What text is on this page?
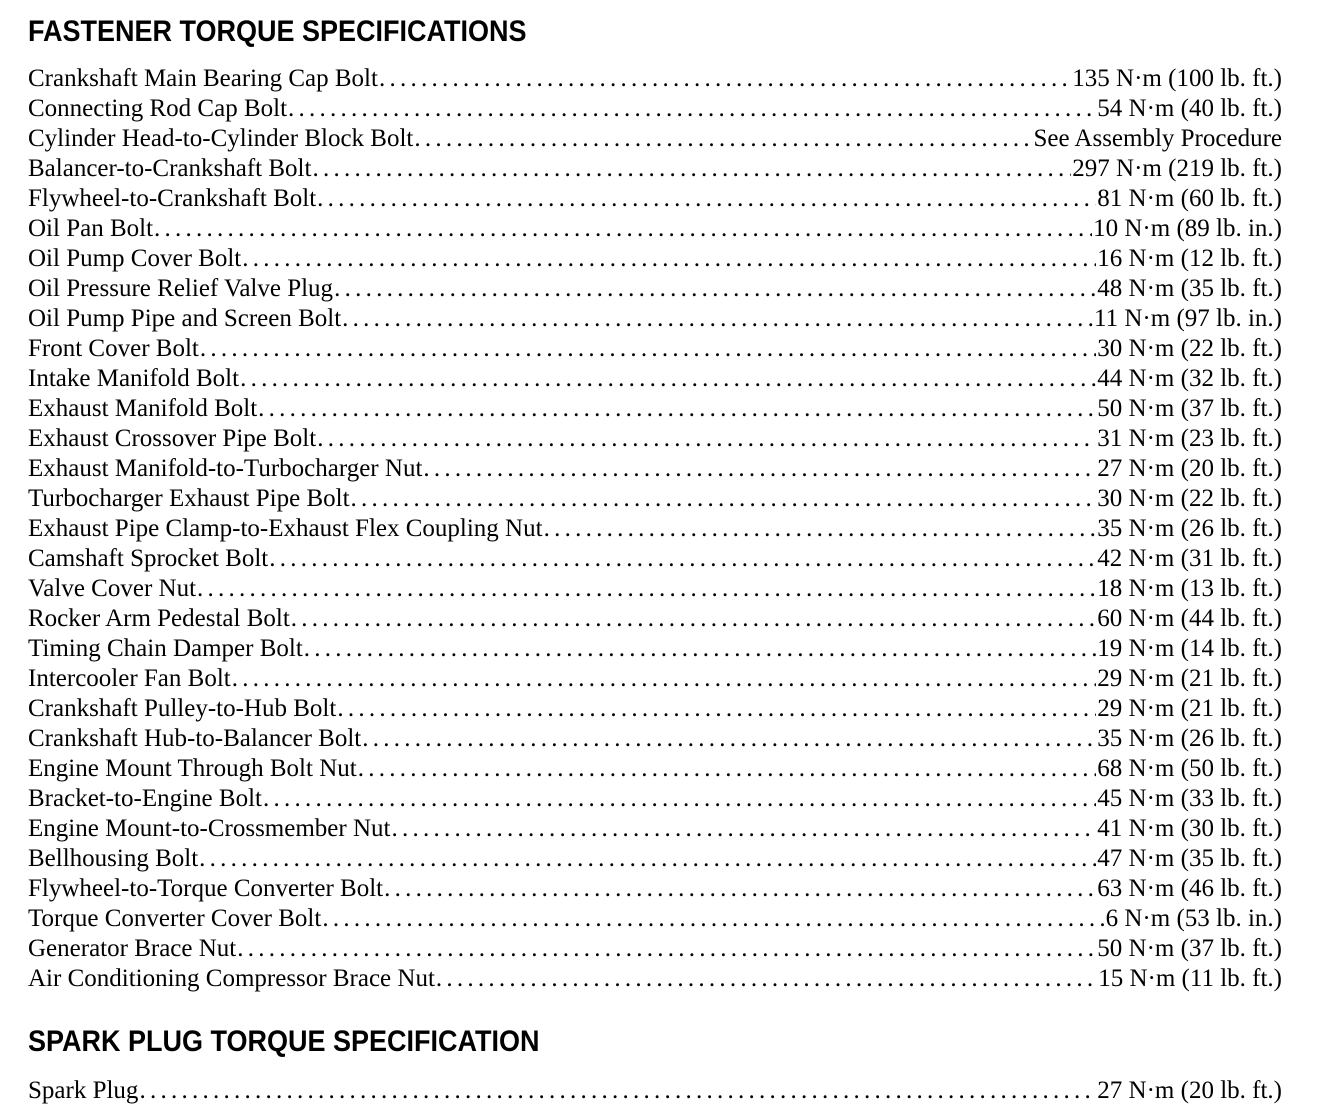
FASTENER TORQUE SPECIFICATIONS
Crankshaft Main Bearing Cap Bolt . . .	135 N·m (100 lb. ft.)
Connecting Rod Cap Bolt . . .	54 N·m (40 lb. ft.)
Cylinder Head-to-Cylinder Block Bolt . . .	See Assembly Procedure
Balancer-to-Crankshaft Bolt . . .	297 N·m (219 lb. ft.)
Flywheel-to-Crankshaft Bolt . . .	81 N·m (60 lb. ft.)
Oil Pan Bolt . . .	10 N·m (89 lb. in.)
Oil Pump Cover Bolt . . .	16 N·m (12 lb. ft.)
Oil Pressure Relief Valve Plug . . .	48 N·m (35 lb. ft.)
Oil Pump Pipe and Screen Bolt . . .	11 N·m (97 lb. in.)
Front Cover Bolt . . .	30 N·m (22 lb. ft.)
Intake Manifold Bolt . . .	44 N·m (32 lb. ft.)
Exhaust Manifold Bolt . . .	50 N·m (37 lb. ft.)
Exhaust Crossover Pipe Bolt . . .	31 N·m (23 lb. ft.)
Exhaust Manifold-to-Turbocharger Nut . . .	27 N·m (20 lb. ft.)
Turbocharger Exhaust Pipe Bolt . . .	30 N·m (22 lb. ft.)
Exhaust Pipe Clamp-to-Exhaust Flex Coupling Nut . . .	35 N·m (26 lb. ft.)
Camshaft Sprocket Bolt . . .	42 N·m (31 lb. ft.)
Valve Cover Nut . . .	18 N·m (13 lb. ft.)
Rocker Arm Pedestal Bolt . . .	60 N·m (44 lb. ft.)
Timing Chain Damper Bolt . . .	19 N·m (14 lb. ft.)
Intercooler Fan Bolt . . .	29 N·m (21 lb. ft.)
Crankshaft Pulley-to-Hub Bolt . . .	29 N·m (21 lb. ft.)
Crankshaft Hub-to-Balancer Bolt . . .	35 N·m (26 lb. ft.)
Engine Mount Through Bolt Nut . . .	68 N·m (50 lb. ft.)
Bracket-to-Engine Bolt . . .	45 N·m (33 lb. ft.)
Engine Mount-to-Crossmember Nut . . .	41 N·m (30 lb. ft.)
Bellhousing Bolt . . .	47 N·m (35 lb. ft.)
Flywheel-to-Torque Converter Bolt . . .	63 N·m (46 lb. ft.)
Torque Converter Cover Bolt . . .	6 N·m (53 lb. in.)
Generator Brace Nut . . .	50 N·m (37 lb. ft.)
Air Conditioning Compressor Brace Nut . . .	15 N·m (11 lb. ft.)
SPARK PLUG TORQUE SPECIFICATION
Spark Plug . . .	27 N·m (20 lb. ft.)
